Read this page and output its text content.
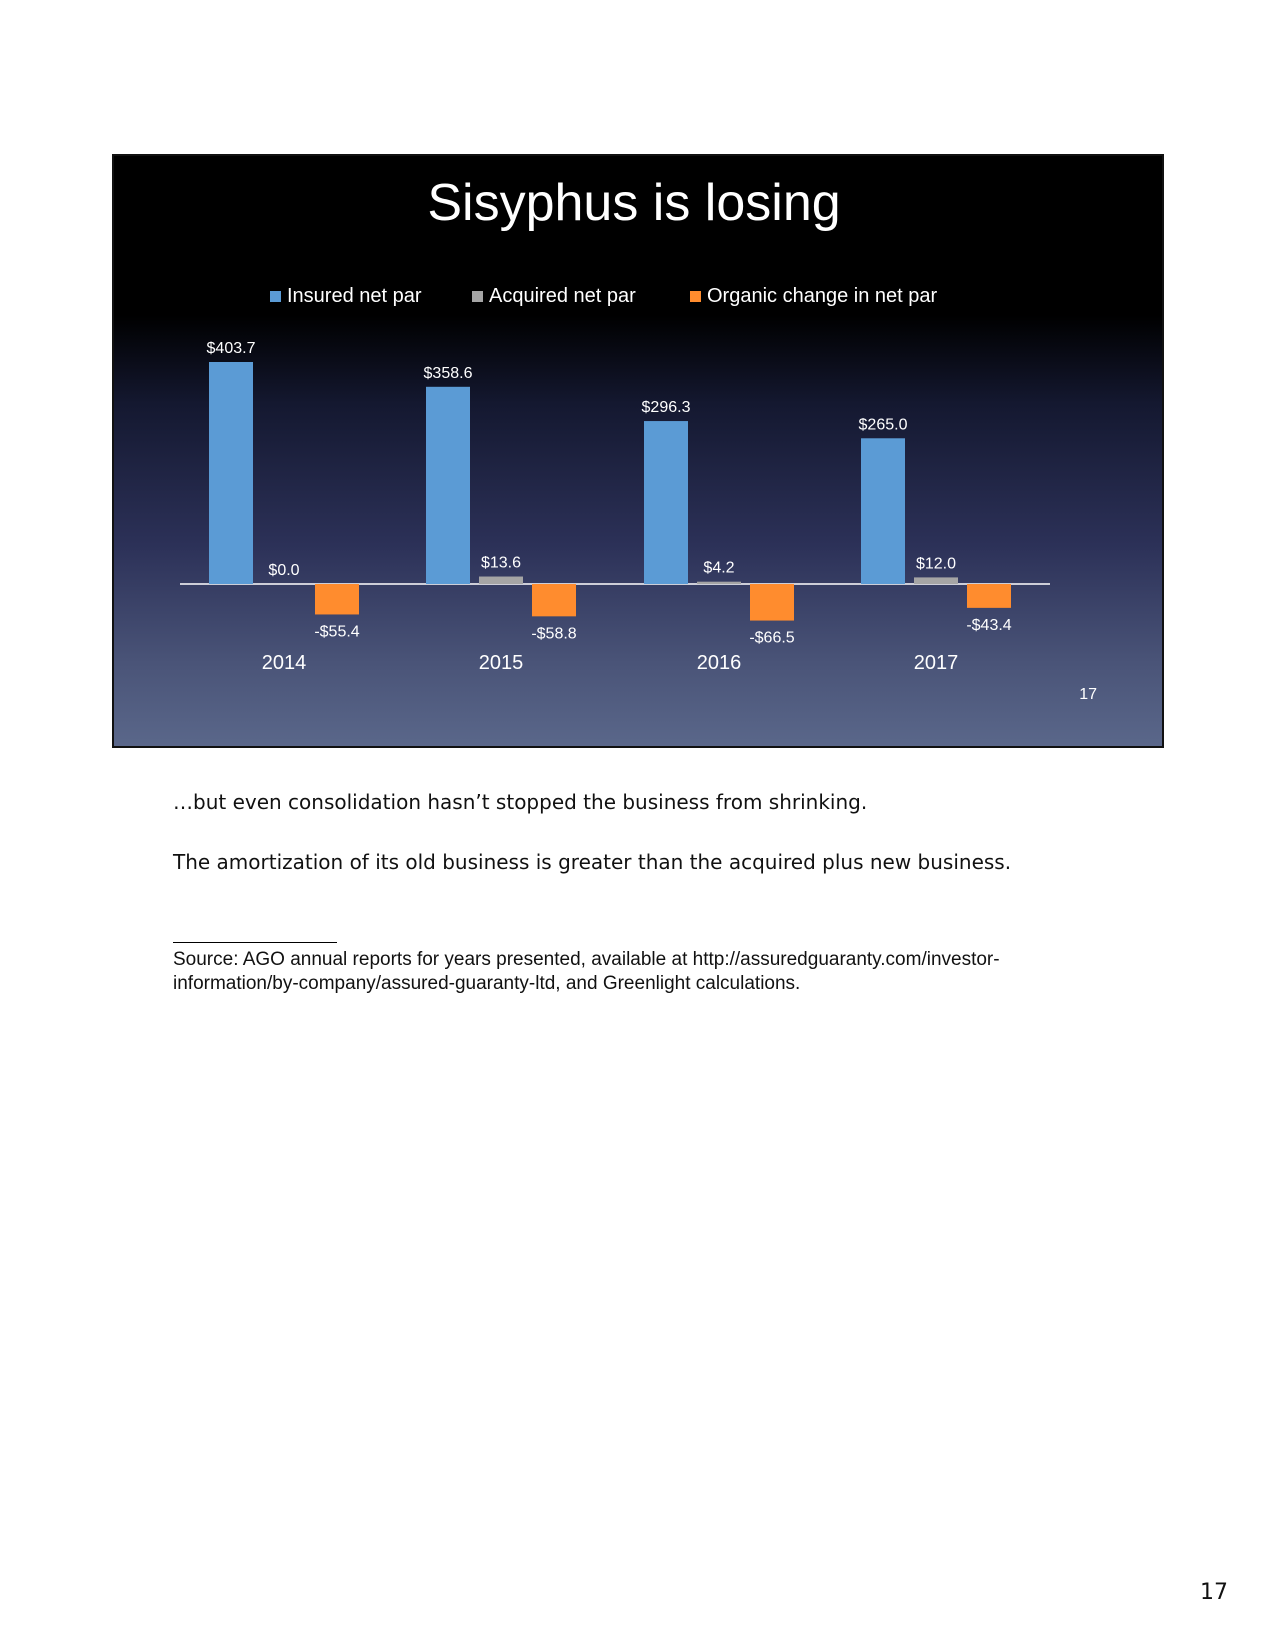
Sisyphus is losing
Insured net par	Acquired net par	Organic change in net par
$403.7
$0.0
-$55.4
$358.6
$13.6
-$58.8
$296.3
$4.2
-$66.5
$265.0
$12.0
-$43.4
2014	2015	2016	2017
17

…but even consolidation hasn’t stopped the business from shrinking.

The amortization of its old business is greater than the acquired plus new business.

Source: AGO annual reports for years presented, available at http://assuredguaranty.com/investor-information/by-company/assured-guaranty-ltd, and Greenlight calculations.
17
